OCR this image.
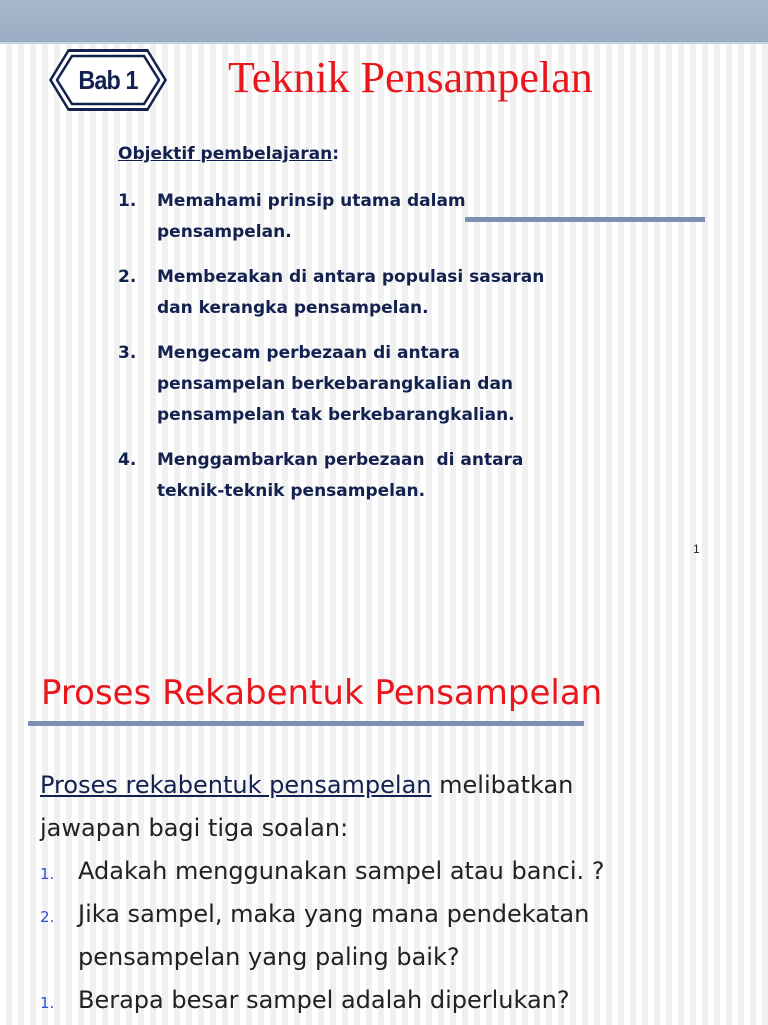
Bab 1	Teknik Pensampelan
Objektif pembelajaran:
1. Memahami prinsip utama dalam
pensampelan.
2. Membezakan di antara populasi sasaran
dan kerangka pensampelan.
3. Mengecam perbezaan di antara
pensampelan berkebarangkalian dan
pensampelan tak berkebarangkalian.
4. Menggambarkan perbezaan  di antara
teknik-teknik pensampelan.
1
Proses Rekabentuk Pensampelan
Proses rekabentuk pensampelan melibatkan
jawapan bagi tiga soalan:
1. Adakah menggunakan sampel atau banci. ?
2. Jika sampel, maka yang mana pendekatan
pensampelan yang paling baik?
1. Berapa besar sampel adalah diperlukan?
